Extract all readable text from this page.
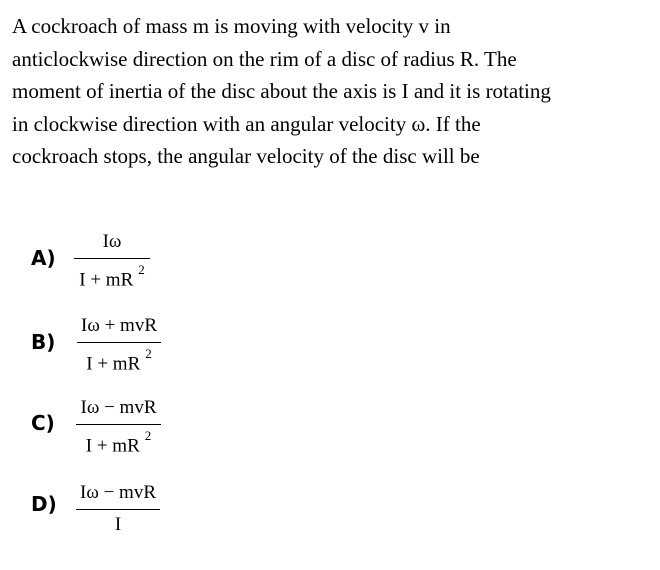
A cockroach of mass m is moving with velocity v in
anticlockwise direction on the rim of a disc of radius R. The
moment of inertia of the disc about the axis is I and it is rotating
in clockwise direction with an angular velocity ω. If the
cockroach stops, the angular velocity of the disc will be
A)
Iω
I + mR $^2$
B)
Iω + mvR
I + mR $^2$
C)
Iω − mvR
I + mR $^2$
D) Iω − mvR
I
